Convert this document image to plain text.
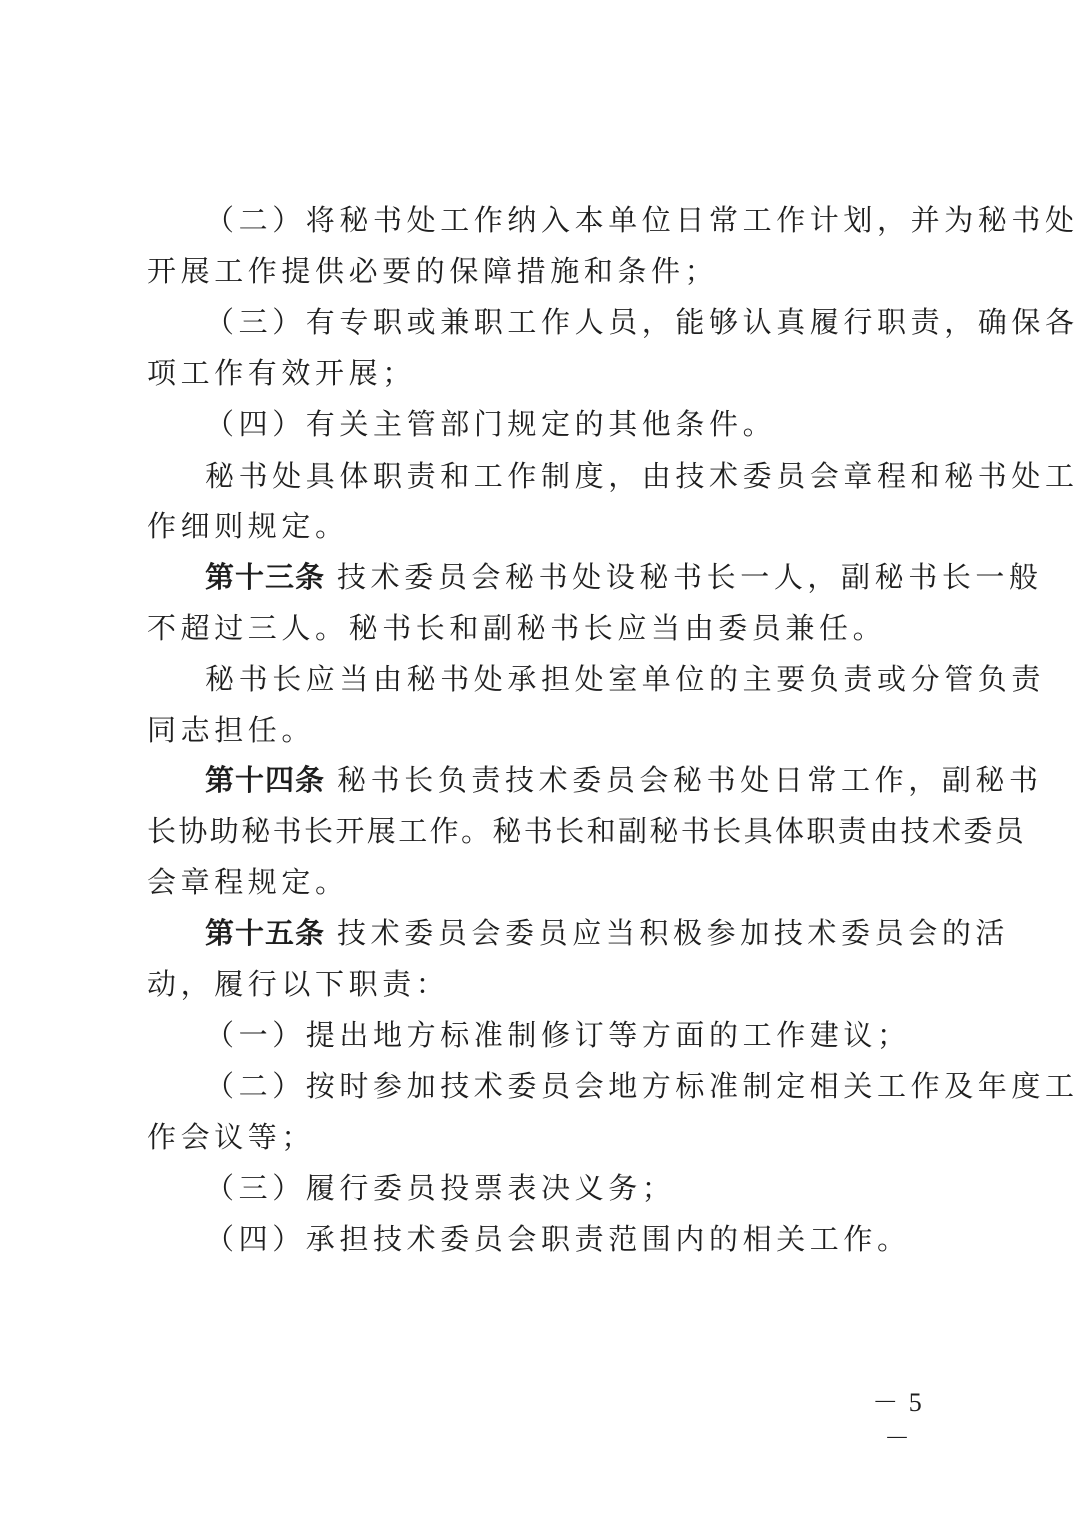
（二）将秘书处工作纳入本单位日常工作计划，并为秘书处
开展工作提供必要的保障措施和条件；
（三）有专职或兼职工作人员，能够认真履行职责，确保各
项工作有效开展；
（四）有关主管部门规定的其他条件。
秘书处具体职责和工作制度，由技术委员会章程和秘书处工
作细则规定。
第十三条 技术委员会秘书处设秘书长一人，副秘书长一般
不超过三人。秘书长和副秘书长应当由委员兼任。
秘书长应当由秘书处承担处室单位的主要负责或分管负责
同志担任。
第十四条 秘书长负责技术委员会秘书处日常工作，副秘书
长协助秘书长开展工作。秘书长和副秘书长具体职责由技术委员
会章程规定。
第十五条 技术委员会委员应当积极参加技术委员会的活
动，履行以下职责：
（一）提出地方标准制修订等方面的工作建议；
（二）按时参加技术委员会地方标准制定相关工作及年度工
作会议等；
（三）履行委员投票表决义务；
（四）承担技术委员会职责范围内的相关工作。
－ 5 －
